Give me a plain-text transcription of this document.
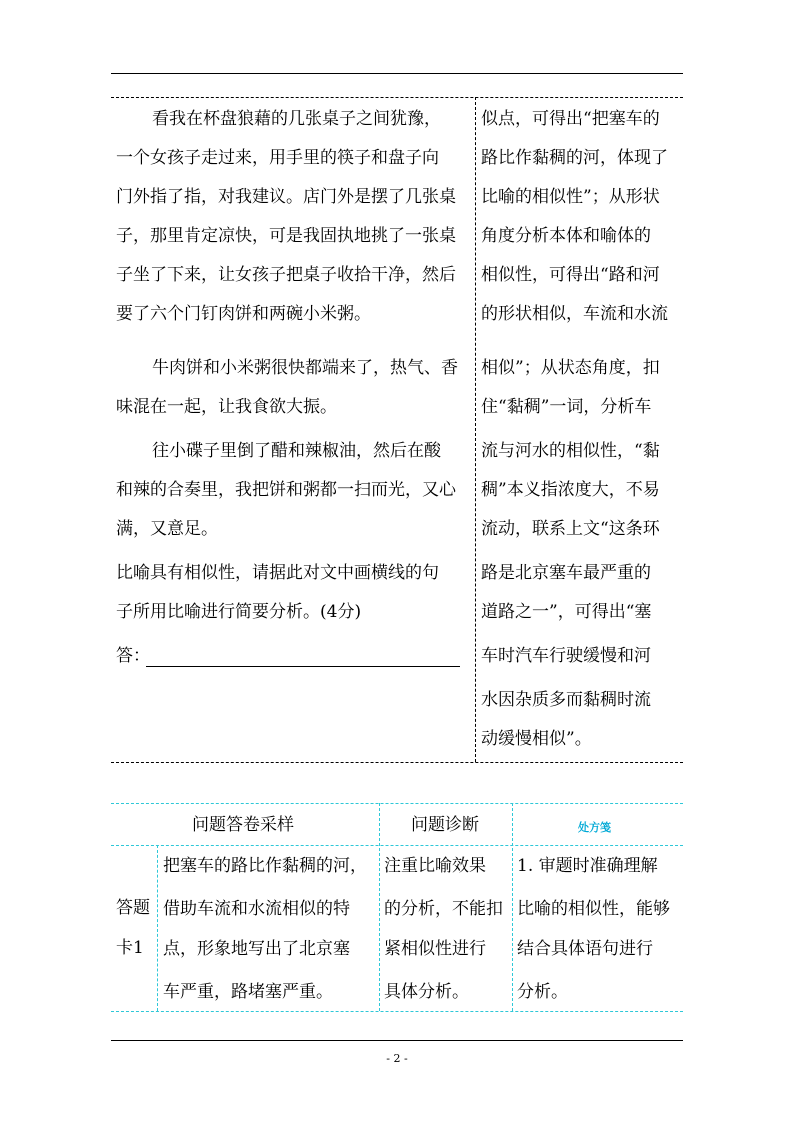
看我在杯盘狼藉的几张桌子之间犹豫，
一个女孩子走过来，用手里的筷子和盘子向
门外指了指，对我建议。店门外是摆了几张桌
子，那里肯定凉快，可是我固执地挑了一张桌
子坐了下来，让女孩子把桌子收拾干净，然后
要了六个门钉肉饼和两碗小米粥。
牛肉饼和小米粥很快都端来了，热气、香
味混在一起，让我食欲大振。
往小碟子里倒了醋和辣椒油，然后在酸
和辣的合奏里，我把饼和粥都一扫而光，又心
满，又意足。
比喻具有相似性，请据此对文中画横线的句
子所用比喻进行简要分析。(4分)
答：
似点，可得出“把塞车的
路比作黏稠的河，体现了
比喻的相似性”；从形状
角度分析本体和喻体的
相似性，可得出“路和河
的形状相似，车流和水流
相似”；从状态角度，扣
住“黏稠”一词，分析车
流与河水的相似性，“黏
稠”本义指浓度大，不易
流动，联系上文“这条环
路是北京塞车最严重的
道路之一”，可得出“塞
车时汽车行驶缓慢和河
水因杂质多而黏稠时流
动缓慢相似”。
问题答卷采样	问题诊断	处方笺
答题
卡1
把塞车的路比作黏稠的河，
借助车流和水流相似的特
点，形象地写出了北京塞
车严重，路堵塞严重。
注重比喻效果
的分析，不能扣
紧相似性进行
具体分析。
1. 审题时准确理解
比喻的相似性，能够
结合具体语句进行
分析。
- 2 -
